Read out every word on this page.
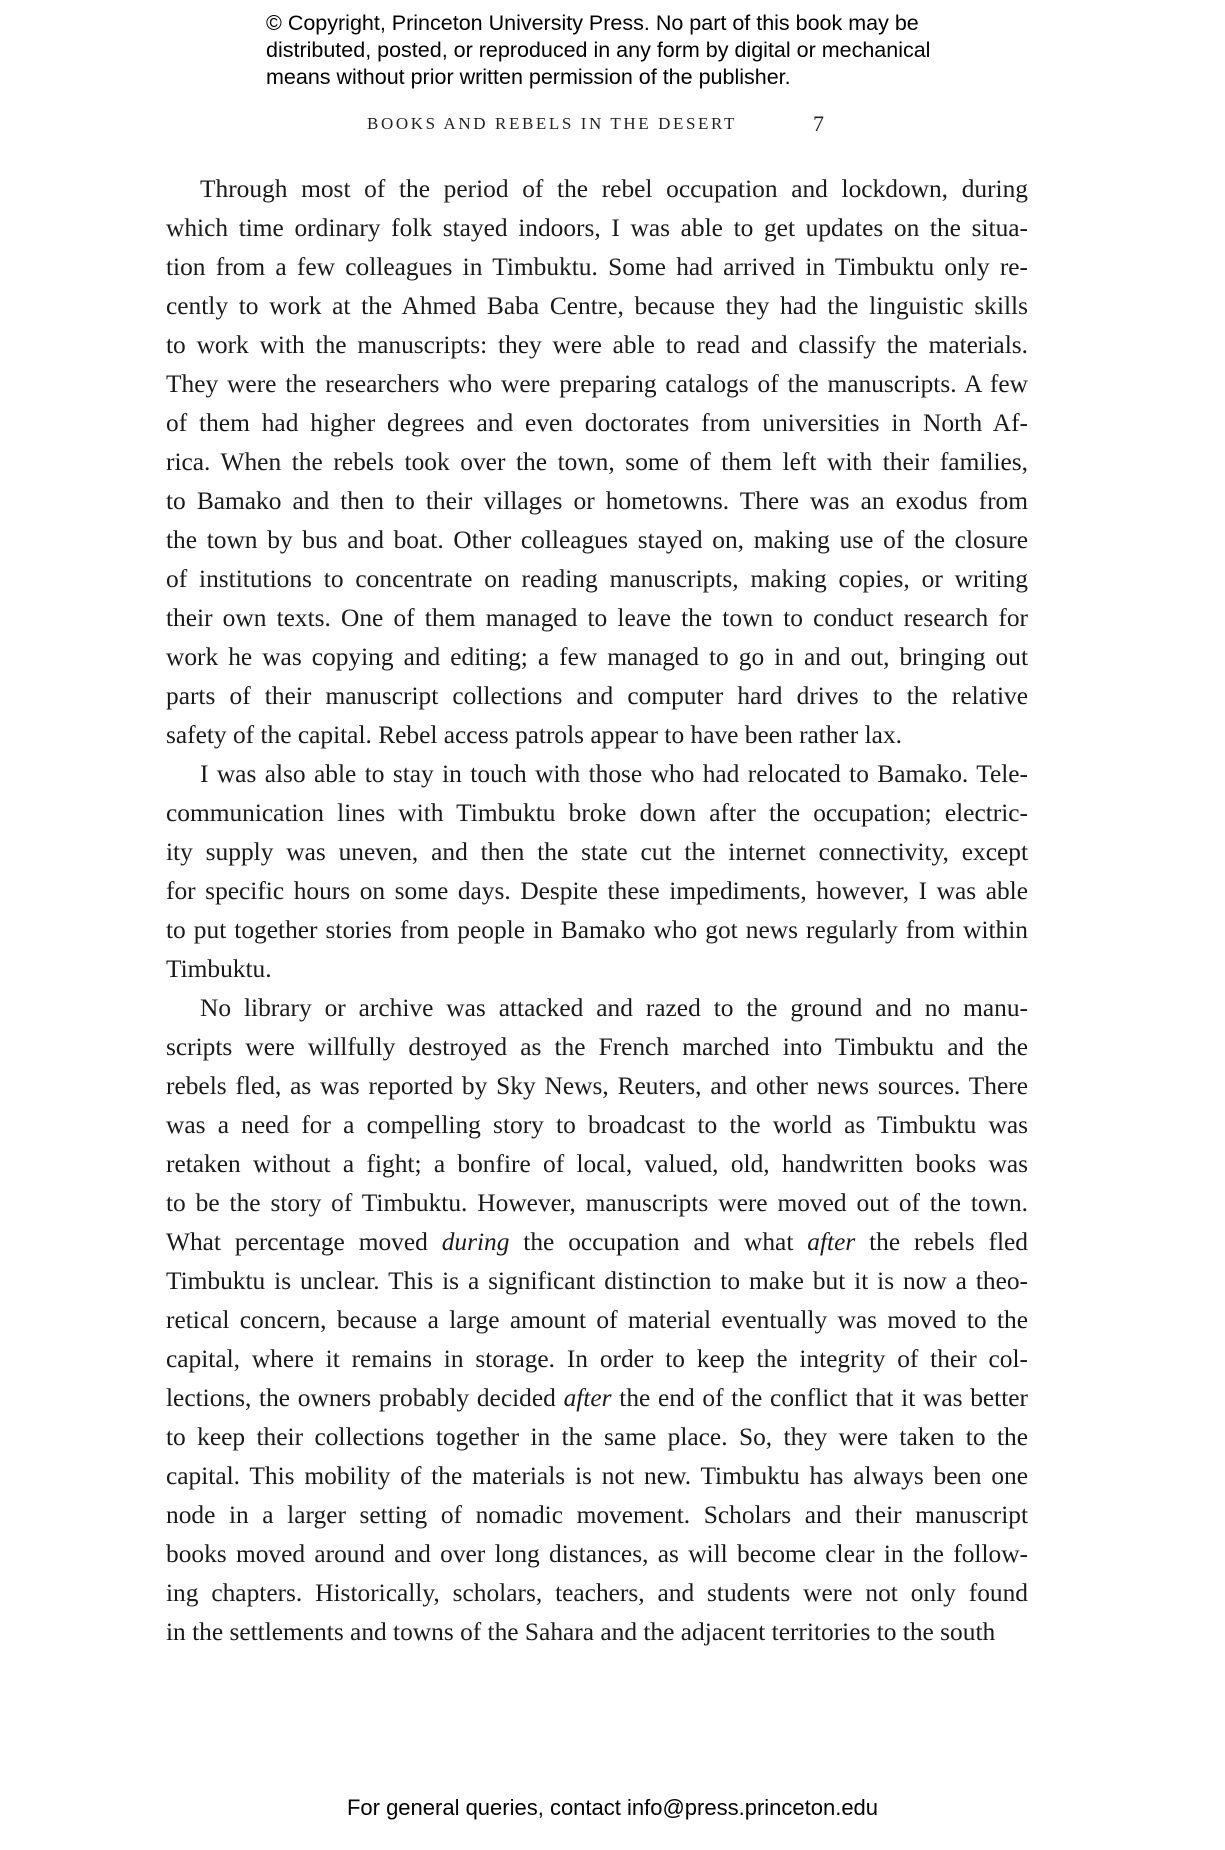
© Copyright, Princeton University Press. No part of this book may be
distributed, posted, or reproduced in any form by digital or mechanical
means without prior written permission of the publisher.
BOOKS AND REBELS IN THE DESERT	7
Through most of the period of the rebel occupation and lockdown, during
which time ordinary folk stayed indoors, I was able to get updates on the situa-
tion from a few colleagues in Timbuktu. Some had arrived in Timbuktu only re-
cently to work at the Ahmed Baba Centre, because they had the linguistic skills
to work with the manuscripts: they were able to read and classify the materials.
They were the researchers who were preparing catalogs of the manuscripts. A few
of them had higher degrees and even doctorates from universities in North Af-
rica. When the rebels took over the town, some of them left with their families,
to Bamako and then to their villages or hometowns. There was an exodus from
the town by bus and boat. Other colleagues stayed on, making use of the closure
of institutions to concentrate on reading manuscripts, making copies, or writing
their own texts. One of them managed to leave the town to conduct research for
work he was copying and editing; a few managed to go in and out, bringing out
parts of their manuscript collections and computer hard drives to the relative
safety of the capital. Rebel access patrols appear to have been rather lax.
I was also able to stay in touch with those who had relocated to Bamako. Tele-
communication lines with Timbuktu broke down after the occupation; electric-
ity supply was uneven, and then the state cut the internet connectivity, except
for specific hours on some days. Despite these impediments, however, I was able
to put together stories from people in Bamako who got news regularly from within
Timbuktu.
No library or archive was attacked and razed to the ground and no manu-
scripts were willfully destroyed as the French marched into Timbuktu and the
rebels fled, as was reported by Sky News, Reuters, and other news sources. There
was a need for a compelling story to broadcast to the world as Timbuktu was
retaken without a fight; a bonfire of local, valued, old, handwritten books was
to be the story of Timbuktu. However, manuscripts were moved out of the town.
What percentage moved during the occupation and what after the rebels fled
Timbuktu is unclear. This is a significant distinction to make but it is now a theo-
retical concern, because a large amount of material eventually was moved to the
capital, where it remains in storage. In order to keep the integrity of their col-
lections, the owners probably decided after the end of the conflict that it was better
to keep their collections together in the same place. So, they were taken to the
capital. This mobility of the materials is not new. Timbuktu has always been one
node in a larger setting of nomadic movement. Scholars and their manuscript
books moved around and over long distances, as will become clear in the follow-
ing chapters. Historically, scholars, teachers, and students were not only found
in the settlements and towns of the Sahara and the adjacent territories to the south
For general queries, contact info@press.princeton.edu
